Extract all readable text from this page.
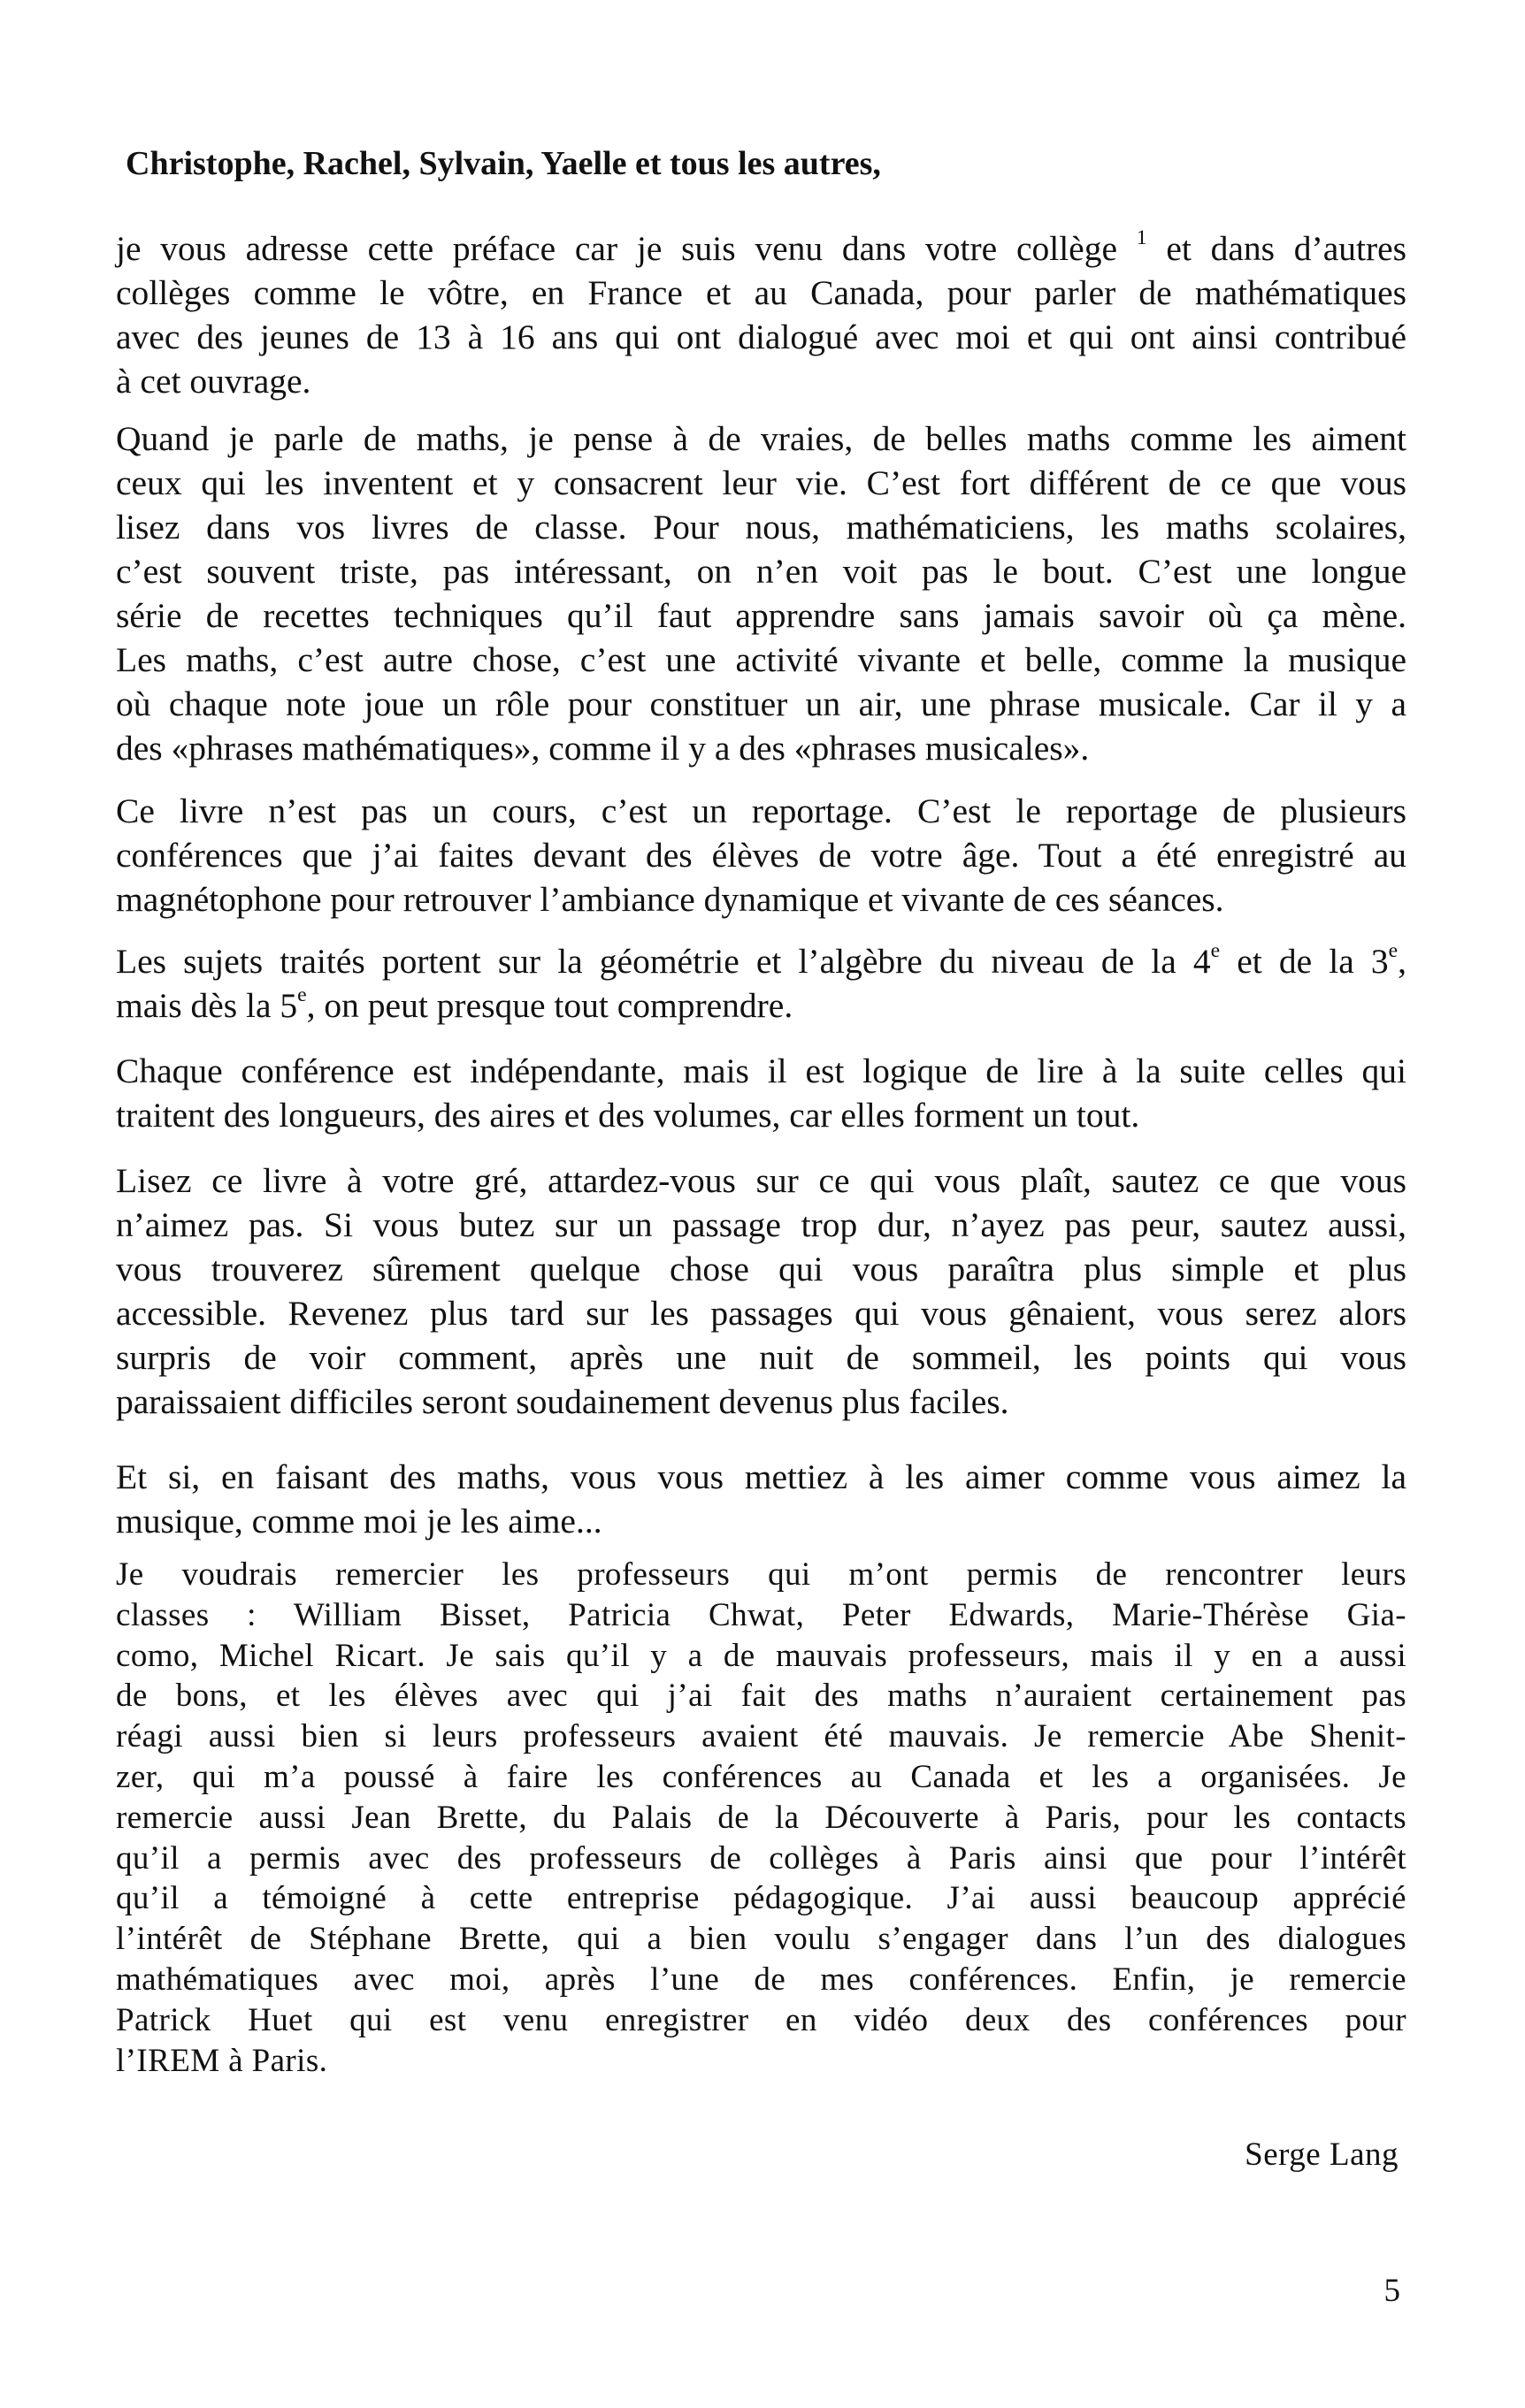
Christophe, Rachel, Sylvain, Yaelle et tous les autres,

je vous adresse cette préface car je suis venu dans votre collège $^1$ et dans d’autres
collèges comme le vôtre, en France et au Canada, pour parler de mathématiques
avec des jeunes de 13 à 16 ans qui ont dialogué avec moi et qui ont ainsi contribué
à cet ouvrage.

Quand je parle de maths, je pense à de vraies, de belles maths comme les aiment
ceux qui les inventent et y consacrent leur vie. C’est fort différent de ce que vous
lisez dans vos livres de classe. Pour nous, mathématiciens, les maths scolaires,
c’est souvent triste, pas intéressant, on n’en voit pas le bout. C’est une longue
série de recettes techniques qu’il faut apprendre sans jamais savoir où ça mène.
Les maths, c’est autre chose, c’est une activité vivante et belle, comme la musique
où chaque note joue un rôle pour constituer un air, une phrase musicale. Car il y a
des «phrases mathématiques», comme il y a des «phrases musicales».

Ce livre n’est pas un cours, c’est un reportage. C’est le reportage de plusieurs
conférences que j’ai faites devant des élèves de votre âge. Tout a été enregistré au
magnétophone pour retrouver l’ambiance dynamique et vivante de ces séances.

Les sujets traités portent sur la géométrie et l’algèbre du niveau de la 4e et de la 3e,
mais dès la 5e, on peut presque tout comprendre.

Chaque conférence est indépendante, mais il est logique de lire à la suite celles qui
traitent des longueurs, des aires et des volumes, car elles forment un tout.

Lisez ce livre à votre gré, attardez-vous sur ce qui vous plaît, sautez ce que vous
n’aimez pas. Si vous butez sur un passage trop dur, n’ayez pas peur, sautez aussi,
vous trouverez sûrement quelque chose qui vous paraîtra plus simple et plus
accessible. Revenez plus tard sur les passages qui vous gênaient, vous serez alors
surpris de voir comment, après une nuit de sommeil, les points qui vous
paraissaient difficiles seront soudainement devenus plus faciles.

Et si, en faisant des maths, vous vous mettiez à les aimer comme vous aimez la
musique, comme moi je les aime...

Je voudrais remercier les professeurs qui m’ont permis de rencontrer leurs
classes : William Bisset, Patricia Chwat, Peter Edwards, Marie-Thérèse Gia-
como, Michel Ricart. Je sais qu’il y a de mauvais professeurs, mais il y en a aussi
de bons, et les élèves avec qui j’ai fait des maths n’auraient certainement pas
réagi aussi bien si leurs professeurs avaient été mauvais. Je remercie Abe Shenit-
zer, qui m’a poussé à faire les conférences au Canada et les a organisées. Je
remercie aussi Jean Brette, du Palais de la Découverte à Paris, pour les contacts
qu’il a permis avec des professeurs de collèges à Paris ainsi que pour l’intérêt
qu’il a témoigné à cette entreprise pédagogique. J’ai aussi beaucoup apprécié
l’intérêt de Stéphane Brette, qui a bien voulu s’engager dans l’un des dialogues
mathématiques avec moi, après l’une de mes conférences. Enfin, je remercie
Patrick Huet qui est venu enregistrer en vidéo deux des conférences pour
l’IREM à Paris.

Serge Lang

5
